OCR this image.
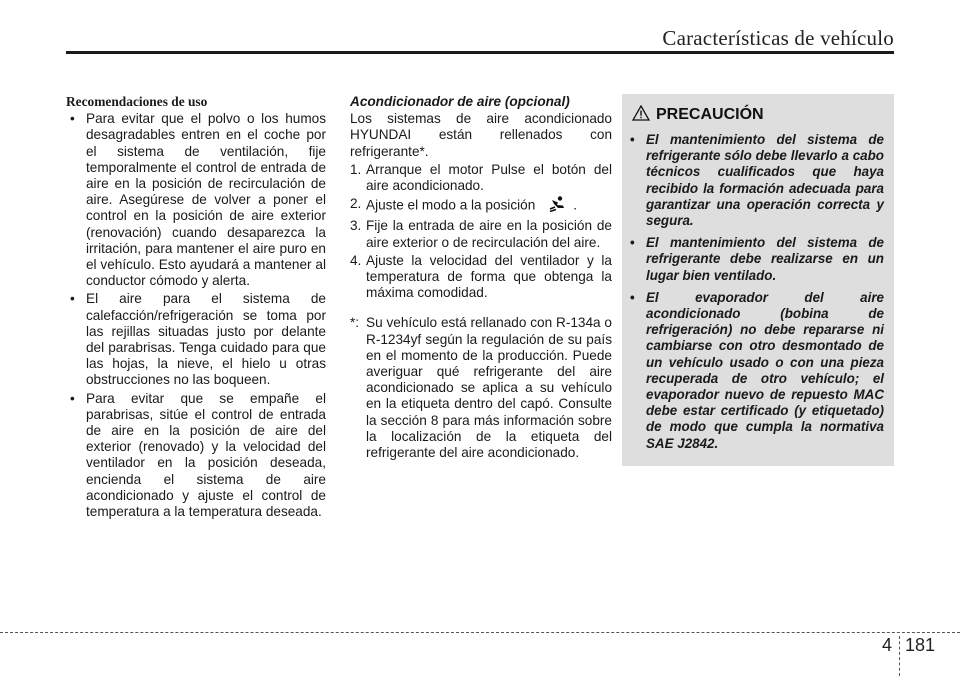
Características de vehículo
Recomendaciones de uso
• Para evitar que el polvo o los humos desagradables entren en el coche por el sistema de ventilación, fije temporalmente el control de entrada de aire en la posición de recirculación de aire. Asegúrese de volver a poner el control en la posición de aire exterior (renovación) cuando desaparezca la irritación, para mantener el aire puro en el vehículo. Esto ayudará a mantener al conductor cómodo y alerta.
• El aire para el sistema de calefacción/refrigeración se toma por las rejillas situadas justo por delante del parabrisas. Tenga cuidado para que las hojas, la nieve, el hielo u otras obstrucciones no las boqueen.
• Para evitar que se empañe el parabrisas, sitúe el control de entrada de aire en la posición de aire del exterior (renovado) y la velocidad del ventilador en la posición deseada, encienda el sistema de aire acondicionado y ajuste el control de temperatura a la temperatura deseada.
Acondicionador de aire (opcional)

Los sistemas de aire acondicionado HYUNDAI están rellenados con refrigerante*.

1. Arranque el motor Pulse el botón del aire acondicionado.
2. Ajuste el modo a la posición	.
3. Fije la entrada de aire en la posición de aire exterior o de recirculación del aire.
4. Ajuste la velocidad del ventilador y la temperatura de forma que obtenga la máxima comodidad.
*: Su vehículo está rellanado con R-134a o R-1234yf según la regulación de su país en el momento de la producción. Puede averiguar qué refrigerante del aire acondicionado se aplica a su vehículo en la etiqueta dentro del capó. Consulte la sección 8 para más información sobre la localización de la etiqueta del refrigerante del aire acondicionado.
PRECAUCIÓN
• El mantenimiento del sistema de refrigerante sólo debe llevarlo a cabo técnicos cualificados que haya recibido la formación adecuada para garantizar una operación correcta y segura.
• El mantenimiento del sistema de refrigerante debe realizarse en un lugar bien ventilado.
• El evaporador del aire acondicionado (bobina de refrigeración) no debe repararse ni cambiarse con otro desmontado de un vehículo usado o con una pieza recuperada de otro vehículo; el evaporador nuevo de repuesto MAC debe estar certificado (y etiquetado) de modo que cumpla la normativa SAE J2842.
4 181
